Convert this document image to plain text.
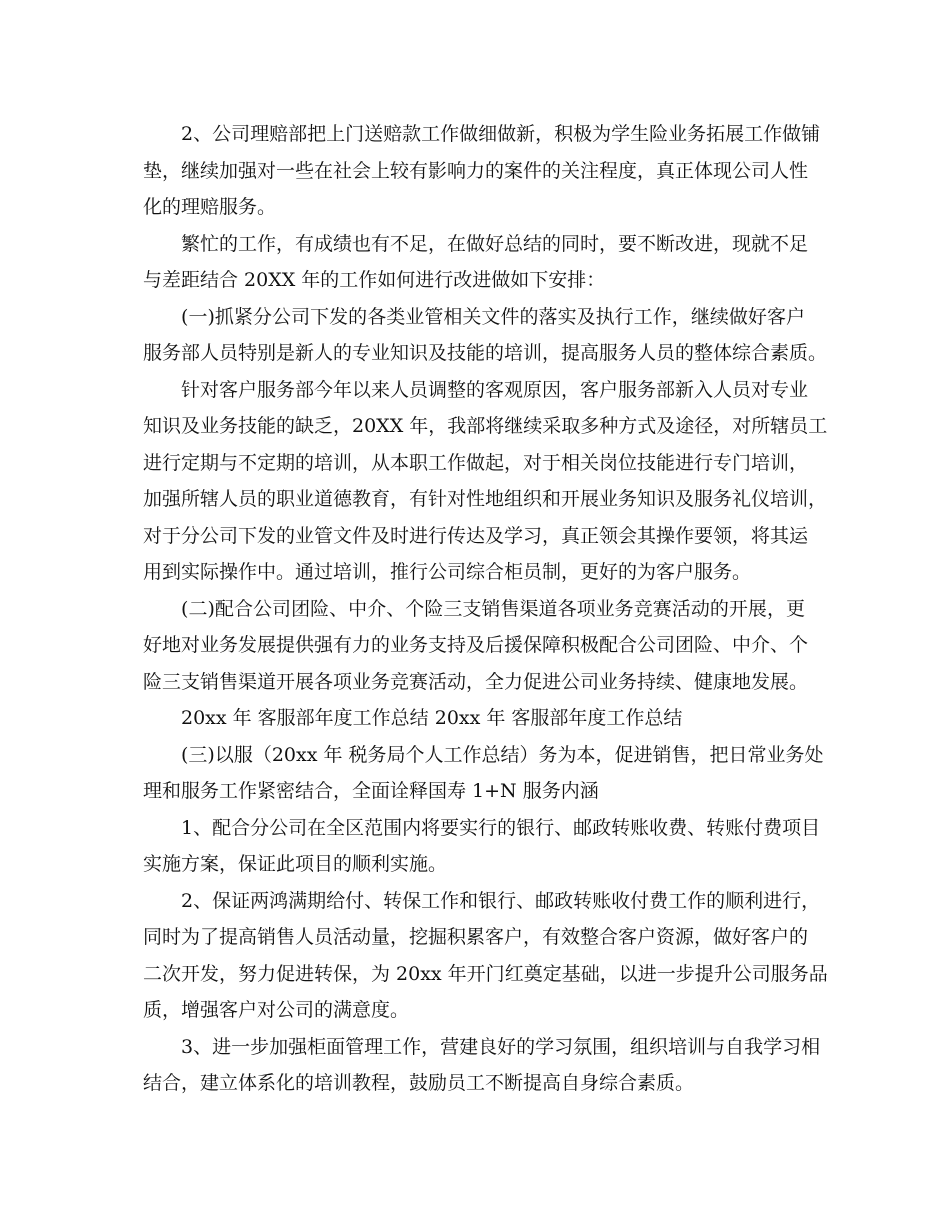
2、公司理赔部把上门送赔款工作做细做新，积极为学生险业务拓展工作做铺
垫，继续加强对一些在社会上较有影响力的案件的关注程度，真正体现公司人性
化的理赔服务。
繁忙的工作，有成绩也有不足，在做好总结的同时，要不断改进，现就不足
与差距结合 20XX 年的工作如何进行改进做如下安排：
(一)抓紧分公司下发的各类业管相关文件的落实及执行工作，继续做好客户
服务部人员特别是新人的专业知识及技能的培训，提高服务人员的整体综合素质。
针对客户服务部今年以来人员调整的客观原因，客户服务部新入人员对专业
知识及业务技能的缺乏，20XX 年，我部将继续采取多种方式及途径，对所辖员工
进行定期与不定期的培训，从本职工作做起，对于相关岗位技能进行专门培训，
加强所辖人员的职业道德教育，有针对性地组织和开展业务知识及服务礼仪培训，
对于分公司下发的业管文件及时进行传达及学习，真正领会其操作要领，将其运
用到实际操作中。通过培训，推行公司综合柜员制，更好的为客户服务。
(二)配合公司团险、中介、个险三支销售渠道各项业务竞赛活动的开展，更
好地对业务发展提供强有力的业务支持及后援保障积极配合公司团险、中介、个
险三支销售渠道开展各项业务竞赛活动，全力促进公司业务持续、健康地发展。
20xx 年 客服部年度工作总结 20xx 年 客服部年度工作总结
(三)以服（20xx 年 税务局个人工作总结）务为本，促进销售，把日常业务处
理和服务工作紧密结合，全面诠释国寿 1+N 服务内涵
1、配合分公司在全区范围内将要实行的银行、邮政转账收费、转账付费项目
实施方案，保证此项目的顺利实施。
2、保证两鸿满期给付、转保工作和银行、邮政转账收付费工作的顺利进行，
同时为了提高销售人员活动量，挖掘积累客户，有效整合客户资源，做好客户的
二次开发，努力促进转保，为 20xx 年开门红奠定基础，以进一步提升公司服务品
质，增强客户对公司的满意度。
3、进一步加强柜面管理工作，营建良好的学习氛围，组织培训与自我学习相
结合，建立体系化的培训教程，鼓励员工不断提高自身综合素质。
